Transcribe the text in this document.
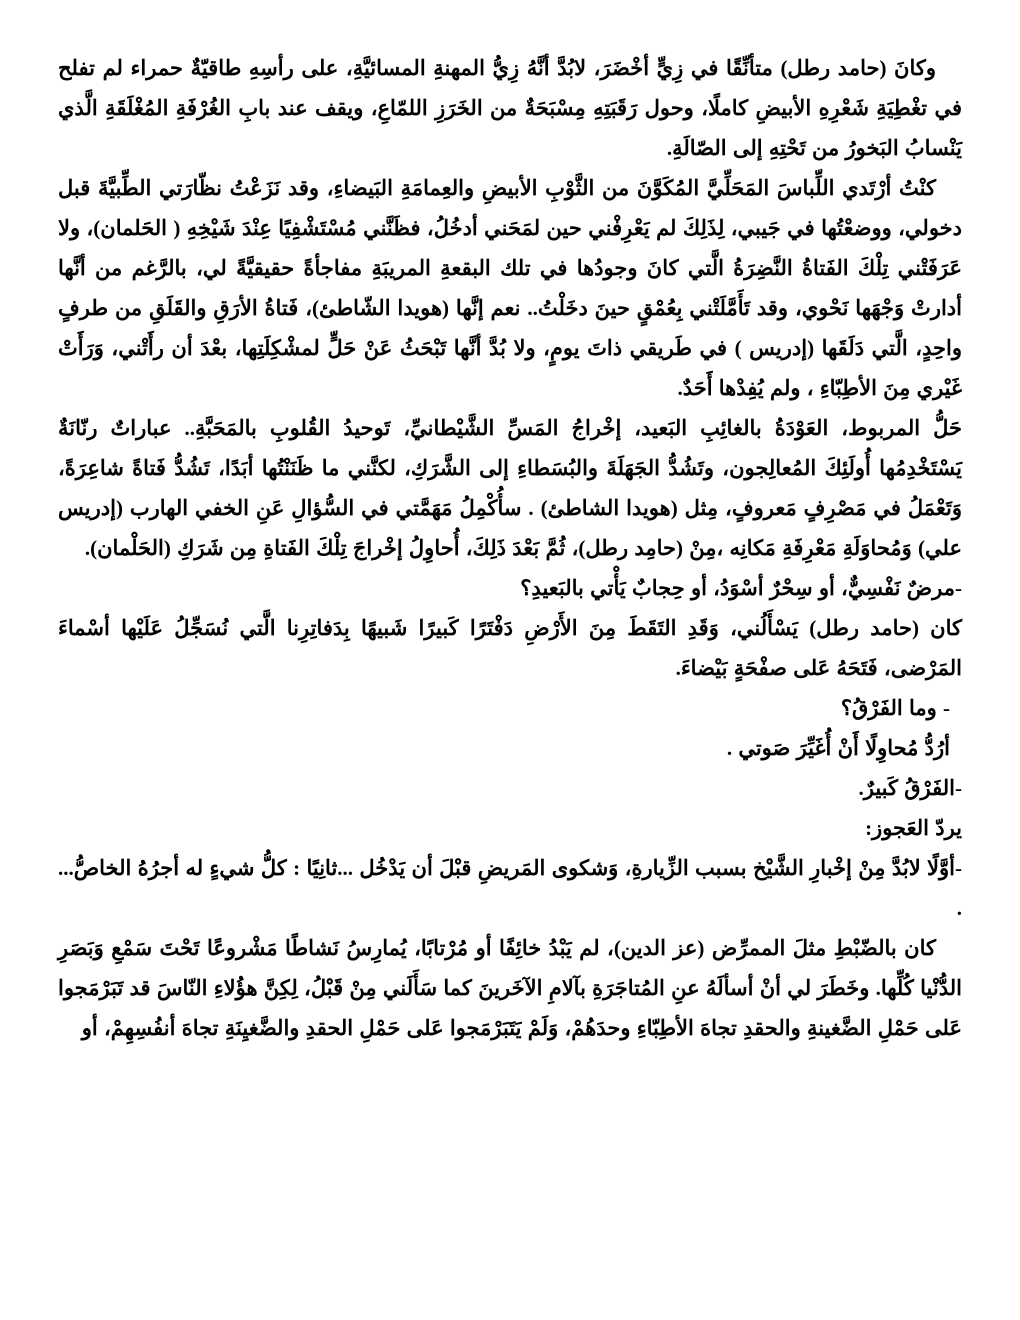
وكانَ (حامد رطل) متأنِّقًا في زِيٍّ أخْضَرَ، لابُدَّ أنَّهُ زِيُّ المهنةِ المسائيَّةِ، على رأسِهِ طاقيّةٌ حمراء لم تفلح في تغْطِيَةِ شَعْرِهِ الأبيضِ كاملًا، وحول رَقَبَتِهِ مِسْبَحَةٌ من الخَرَزِ اللمّاعِ، ويقف عند بابِ الغُرْفَةِ المُغْلَقَةِ الَّذي يَنْسابُ البَخورُ من تَحْتِهِ إلى الصّالَةِ.

كنْتُ أرْتَدي اللِّباسَ المَحَلِّيَّ المُكَوَّنَ من الثَّوْبِ الأبيضِ والعِمامَةِ البَيضاءِ، وقد نَزَعْتُ نظّارَتي الطِّبيَّةَ قبل دخولي، ووضعْتُها في جَيبي، لِذَلِكَ لم يَعْرِفْني حين لمَحَني أدخُلُ، فظَنَّني مُسْتَشْفِيًا عِنْدَ شَيْخِهِ ( الحَلمان)، ولا عَرَفَتْني تِلْكَ الفَتاةُ النَّضِرَةُ الَّتي كانَ وجودُها في تلك البقعةِ المريبَةِ مفاجأةً حقيقيَّةً لي، بالرَّغم من أنَّها أدارتْ وَجْهَها نَحْوي، وقد تَأَمَّلَتْني بِعُمْقٍ حينَ دخَلْتُ.. نعم إنَّها (هويدا الشّاطئ)، فَتاةُ الأرَقِ والقَلَقِ من طرفٍ واحِدٍ، الَّتي دَلَقَها (إدريس ) في طَريقي ذاتَ يومٍ، ولا بُدَّ أنَّها تَبْحَثُ عَنْ حَلٍّ لمشْكِلَتِها، بعْدَ أن رأَتْني، وَرَأَتْ غَيْري مِنَ الأطِبّاءِ ، ولم يُفِدْها أَحَدٌ.

حَلُّ المربوط، العَوْدَةُ بالغائِبِ البَعيد، إخْراجُ المَسِّ الشَّيْطانيِّ، تَوحيدُ القُلوبِ بالمَحَبَّةِ.. عباراتٌ رنّانَةٌ يَسْتَخْدِمُها أُولَئِكَ المُعالِجون، وتَشُدُّ الجَهَلَةَ والبُسَطاءِ إلى الشَّرَكِ، لكنَّني ما ظَنَنْتُها أبَدًا، تَشُدُّ فَتاةً شاعِرَةً، وَتَعْمَلُ في مَصْرِفٍ مَعروفٍ، مِثل (هويدا الشاطئ) . سأُكْمِلُ مَهَمَّتي في السُّؤالِ عَنِ الخفي الهارب (إدريس علي) وَمُحاوَلَةِ مَعْرِفَةِ مَكانِه ،مِنْ (حامِد رطل)، ثُمَّ بَعْدَ ذَلِكَ، أُحاوِلُ إخْراجَ تِلْكَ الفَتاةِ مِن شَرَكِ (الحَلْمان).

-مرضٌ نَفْسِيٌّ، أو سِحْرٌ أسْوَدُ، أو حِجابٌ يَأْتي بالبَعيدِ؟

كان (حامد رطل) يَسْأَلُني، وَقَدِ التَقَطَ مِنَ الأَرْضِ دَفْتَرًا كَبيرًا شَبيهًا بِدَفاتِرِنا الَّتي نُسَجِّلُ عَلَيْها أسْماءَ المَرْضى، فَتَحَهُ عَلى صفْحَةٍ بَيْضاءَ.

- وما الفَرْقُ؟

أرُدُّ مُحاوِلًا أَنْ أُغَيِّرَ صَوتي .

-الفَرْقُ كَبيرٌ.

يردّ العَجوز:

-أوَّلًا لابُدَّ مِنْ إخْبارِ الشَّيْخ بسبب الزِّيارةِ، وَشكوى المَريضِ قبْلَ أن يَدْخُل ...ثانِيًا : كلُّ شيءٍ له أجرُهُ الخاصُّ... .

كان بالضّبْطِ مثلَ الممرِّض (عز الدين)، لم يَبْدُ خائِفًا أو مُرْتابًا، يُمارِسُ نَشاطًا مَشْروعًا تَحْتَ سَمْعِ وَبَصَرِ الدُّنْيا كُلِّها. وخَطَرَ لي أنْ أسألَهُ عنِ المُتاجَرَةِ بآلامِ الآخَرينَ كما سَأَلَني مِنْ قَبْلُ، لِكِنَّ هؤُلاءِ النّاسَ قد تَبَرْمَجوا عَلى حَمْلِ الضَّغينةِ والحقدِ تجاهَ الأطِبّاءِ وحدَهُمْ، وَلَمْ يَتَبَرْمَجوا عَلى حَمْلِ الحقدِ والضَّغيِنَةِ تجاهَ أنفُسِهِمْ، أو
